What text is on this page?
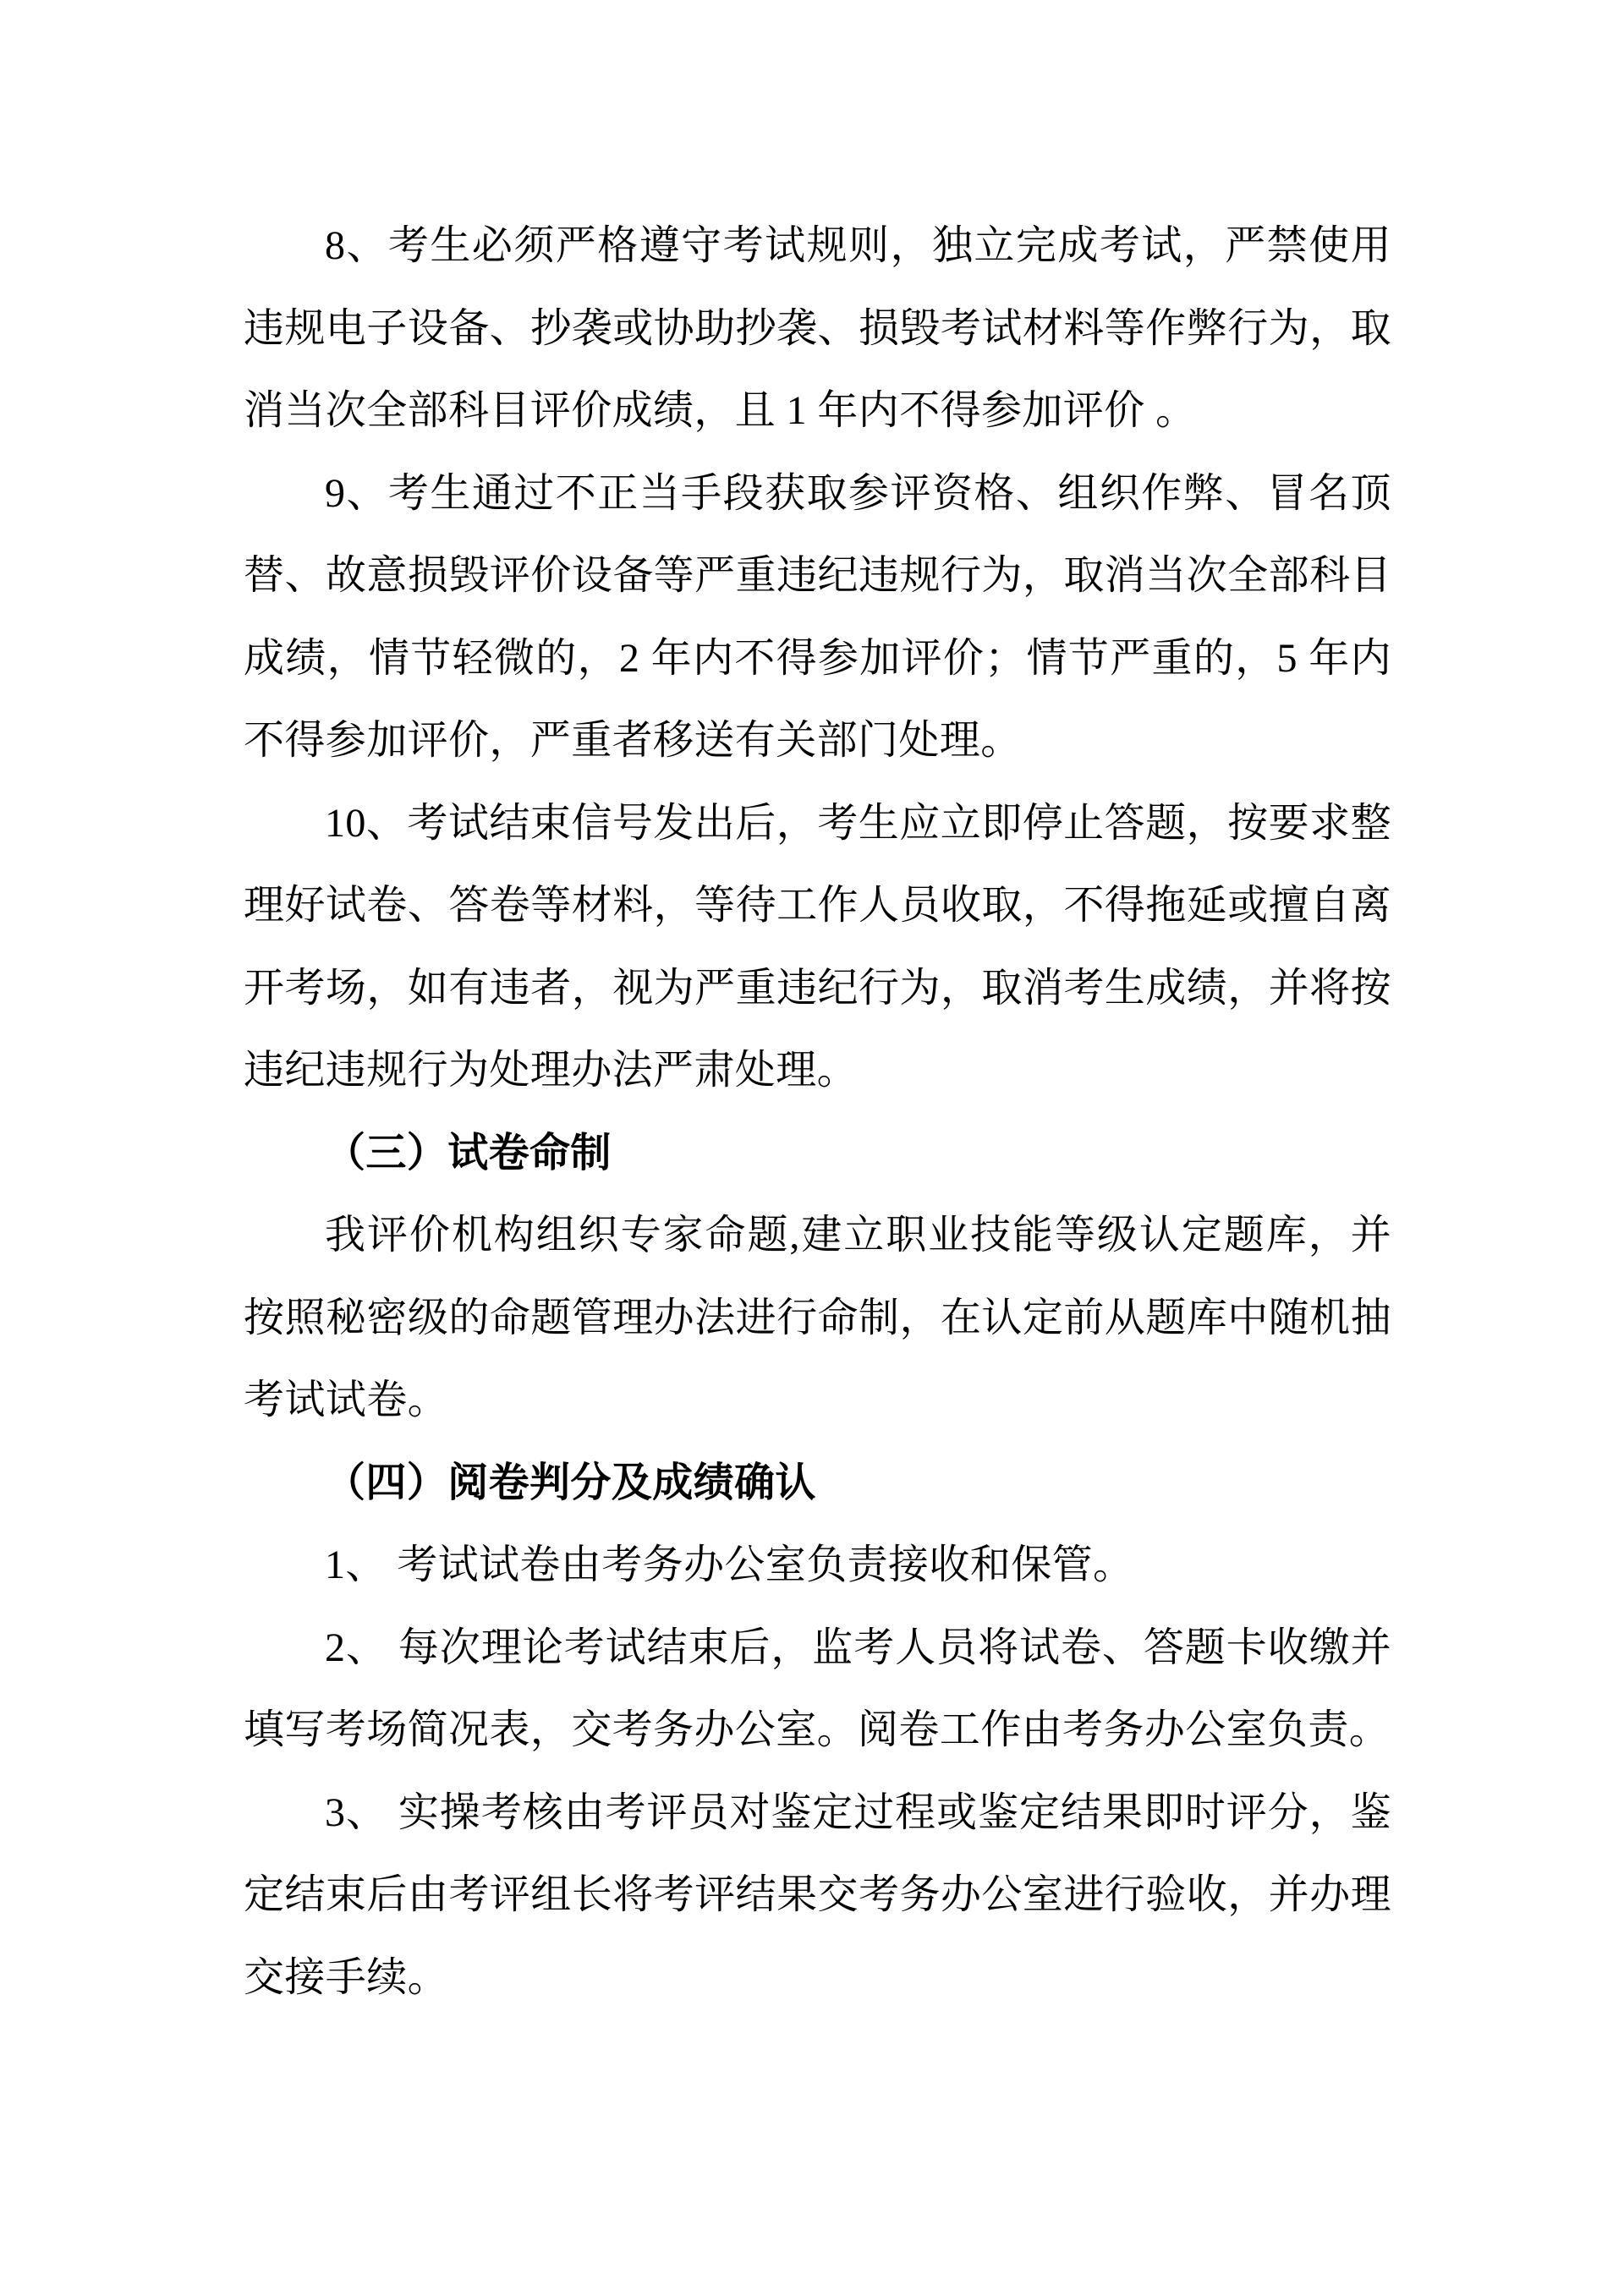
8、考生必须严格遵守考试规则，独立完成考试，严禁使用违规电子设备、抄袭或协助抄袭、损毁考试材料等作弊行为，取消当次全部科目评价成绩，且 1 年内不得参加评价 。

9、考生通过不正当手段获取参评资格、组织作弊、冒名顶替、故意损毁评价设备等严重违纪违规行为，取消当次全部科目成绩，情节轻微的，2 年内不得参加评价；情节严重的，5 年内不得参加评价，严重者移送有关部门处理。

10、考试结束信号发出后，考生应立即停止答题，按要求整理好试卷、答卷等材料，等待工作人员收取，不得拖延或擅自离开考场，如有违者，视为严重违纪行为，取消考生成绩，并将按违纪违规行为处理办法严肃处理。

（三）试卷命制

我评价机构组织专家命题,建立职业技能等级认定题库，并按照秘密级的命题管理办法进行命制，在认定前从题库中随机抽考试试卷。

（四）阅卷判分及成绩确认

1、 考试试卷由考务办公室负责接收和保管。

2、 每次理论考试结束后，监考人员将试卷、答题卡收缴并填写考场简况表，交考务办公室。阅卷工作由考务办公室负责。

3、 实操考核由考评员对鉴定过程或鉴定结果即时评分，鉴定结束后由考评组长将考评结果交考务办公室进行验收，并办理交接手续。
